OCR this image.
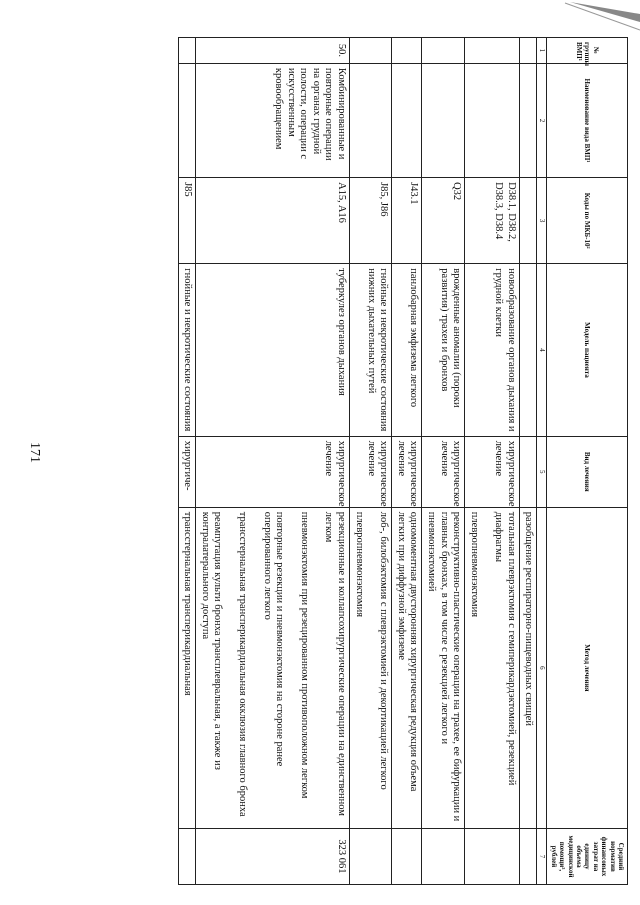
171
№ группы ВМП¹	Наименование вида ВМП¹	Коды по МКБ-10²	Модель пациента	Вид лечения	Метод лечения	Средний норматив финансовых затрат на единицу объема медицинской помощи³, рублей
1	2	3	4	5	6	7

					разобщение респираторно-пищеводных свищей	

		D38.1, D38.2, D38.3, D38.4	новообразование органов дыхания и грудной клетки	хирургическое лечение	тотальная плеврэктомия с гемиперикардэктомией, резекцией диафрагмы

плевропневмонэктомия	

		Q32	врожденные аномалии (пороки развития) трахеи и бронхов	хирургическое лечение	реконструктивно-пластические операции на трахее, ее бифуркации и главных бронхах, в том числе с резекцией легкого и пневмонэктомией	

		J43.1	панлобарная эмфизема легкого	хирургическое лечение	одномоментная двусторонняя хирургическая редукция объема легких при диффузной эмфиземе	

		J85, J86	гнойные и некротические состояния нижних дыхательных путей	хирургическое лечение	лоб-, билобэктомия с плеврэктомией и декортикацией легкого

плевропневмонэктомия	

50.	Комбинированные и повторные операции на органах грудной полости, операции с искусственным кровообращением	A15, A16	туберкулез органов дыхания	хирургическое лечение	резекционные и коллапсохирургические операции на единственном легком

пневмонэктомия при резецированном противоположном легком

повторные резекции и пневмонэктомия на стороне ранее оперированного легкого

трансстернальная трансперикардиальная окклюзия главного бронха

реампутация культи бронха трансплевральная, а также из контралатерального доступа	323 061
		J85	гнойные и некротические состояния	хирургиче-	трансстернальная трансперикардиальная	
